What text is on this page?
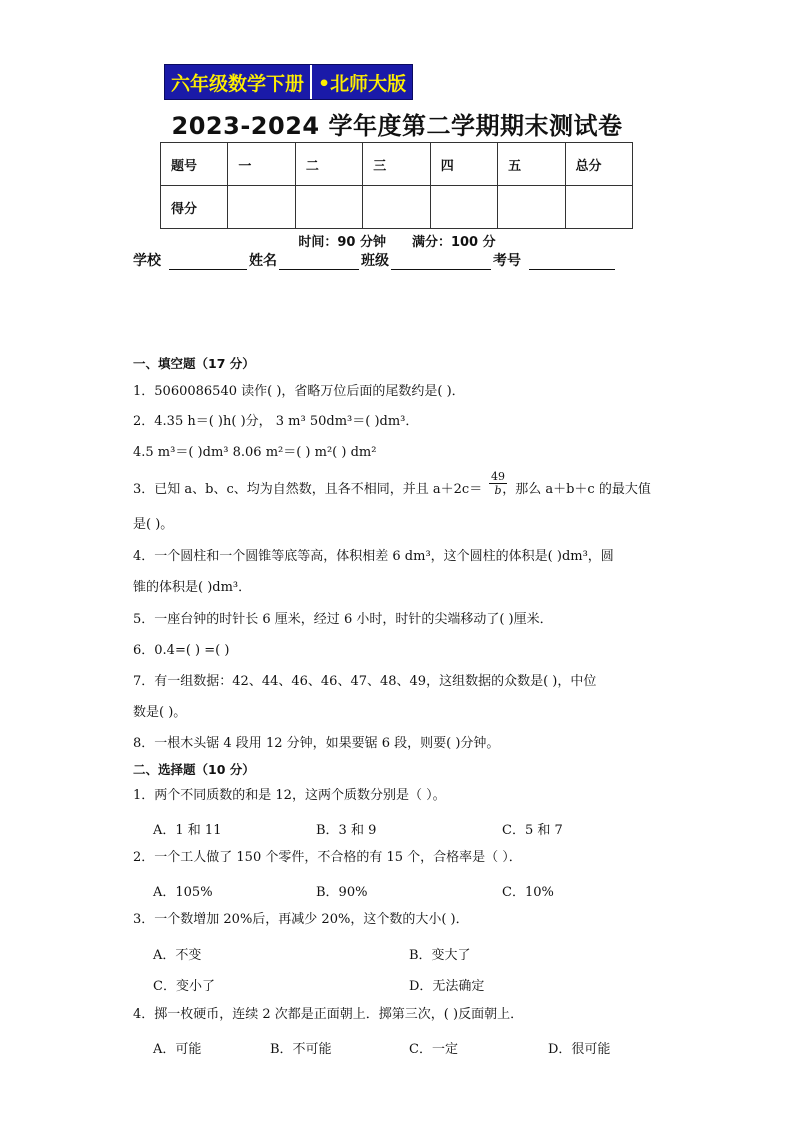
六年级数学下册 •北师大版
2023-2024 学年度第二学期期末测试卷
题号	一	二	三	四	五	总分
得分						
时间：90 分钟 满分：100 分
学校	姓名	班级	考号
一、填空题（17 分）
1．5060086540 读作( )，省略万位后面的尾数约是( )．
2．4.35 h＝( )h( )分， 3 m³ 50dm³＝( )dm³．
4.5 m³＝( )dm³ 8.06 m²＝( ) m²( ) dm²
3．已知 a、b、c、均为自然数，且各不相同，并且 a＋2c＝ ，那么 a＋b＋c 的最大值
$\frac{49}{b}$
是( )。
4．一个圆柱和一个圆锥等底等高，体积相差 6 dm³，这个圆柱的体积是( )dm³，圆
锥的体积是( )dm³．
5．一座台钟的时针长 6 厘米，经过 6 小时，时针的尖端移动了( )厘米．
6．0.4=( ) =( )
7．有一组数据：42、44、46、46、47、48、49，这组数据的众数是( )，中位
数是( )。
8．一根木头锯 4 段用 12 分钟，如果要锯 6 段，则要( )分钟。
二、选择题（10 分）
1．两个不同质数的和是 12，这两个质数分别是（ ）。
A．1 和 11	B．3 和 9	C．5 和 7
2．一个工人做了 150 个零件，不合格的有 15 个，合格率是（ ）．
A．105%	B．90%	C．10%
3．一个数增加 20%后，再减少 20%，这个数的大小( )．
A．不变	B．变大了
C．变小了	D．无法确定
4．掷一枚硬币，连续 2 次都是正面朝上．掷第三次，( )反面朝上．
A．可能	B．不可能	C．一定	D．很可能
